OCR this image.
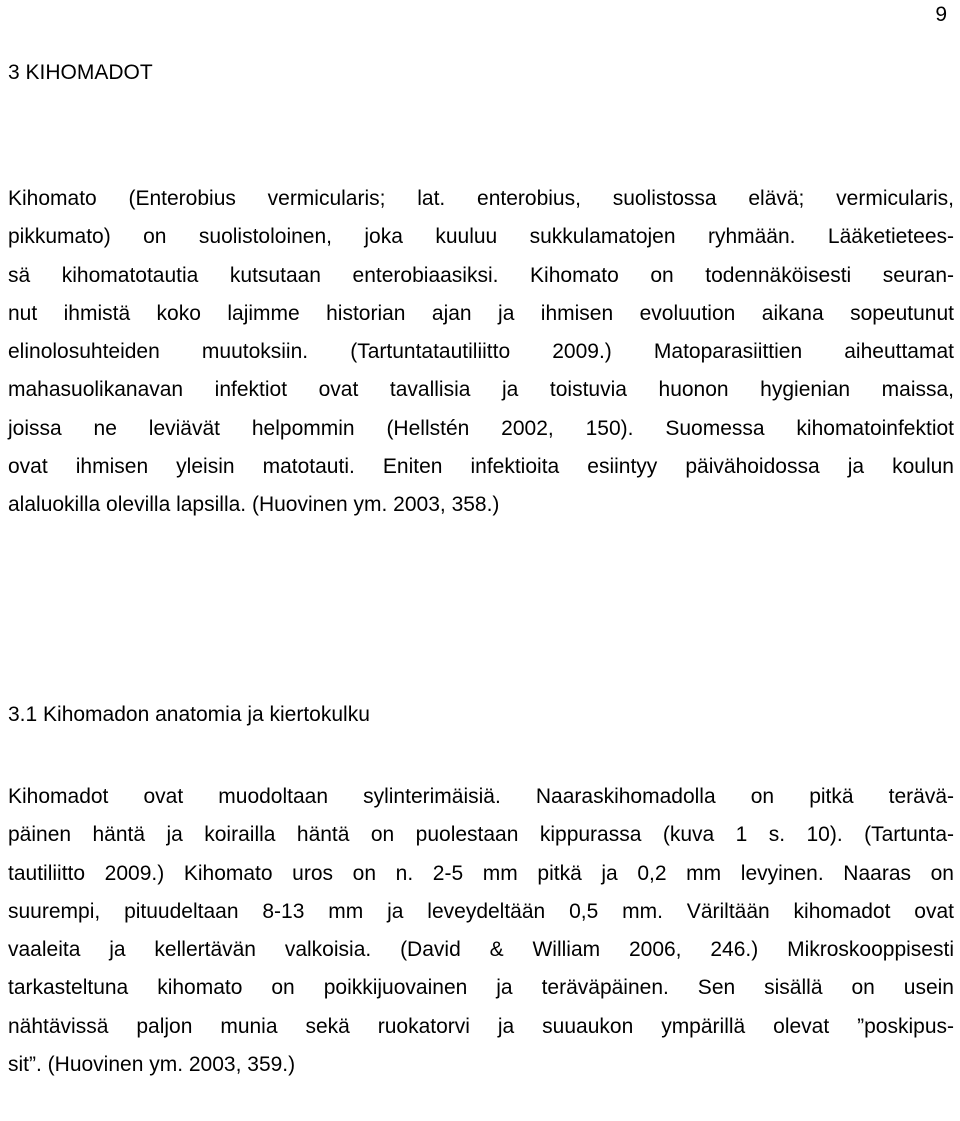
9
3 KIHOMADOT
Kihomato (Enterobius vermicularis; lat. enterobius, suolistossa elävä; vermicularis,
pikkumato) on suolistoloinen, joka kuuluu sukkulamatojen ryhmään. Lääketietees-
sä kihomatotautia kutsutaan enterobiaasiksi. Kihomato on todennäköisesti seuran-
nut ihmistä koko lajimme historian ajan ja ihmisen evoluution aikana sopeutunut
elinolosuhteiden muutoksiin. (Tartuntatautiliitto 2009.) Matoparasiittien aiheuttamat
mahasuolikanavan infektiot ovat tavallisia ja toistuvia huonon hygienian maissa,
joissa ne leviävät helpommin (Hellstén 2002, 150). Suomessa kihomatoinfektiot
ovat ihmisen yleisin matotauti. Eniten infektioita esiintyy päivähoidossa ja koulun
alaluokilla olevilla lapsilla. (Huovinen ym. 2003, 358.)
3.1 Kihomadon anatomia ja kiertokulku
Kihomadot ovat muodoltaan sylinterimäisiä. Naaraskihomadolla on pitkä terävä-
päinen häntä ja koirailla häntä on puolestaan kippurassa (kuva 1 s. 10). (Tartunta-
tautiliitto 2009.) Kihomato uros on n. 2-5 mm pitkä ja 0,2 mm levyinen. Naaras on
suurempi, pituudeltaan 8-13 mm ja leveydeltään 0,5 mm. Väriltään kihomadot ovat
vaaleita ja kellertävän valkoisia. (David & William 2006, 246.) Mikroskooppisesti
tarkasteltuna kihomato on poikkijuovainen ja teräväpäinen. Sen sisällä on usein
nähtävissä paljon munia sekä ruokatorvi ja suuaukon ympärillä olevat ”poskipus-
sit”. (Huovinen ym. 2003, 359.)
